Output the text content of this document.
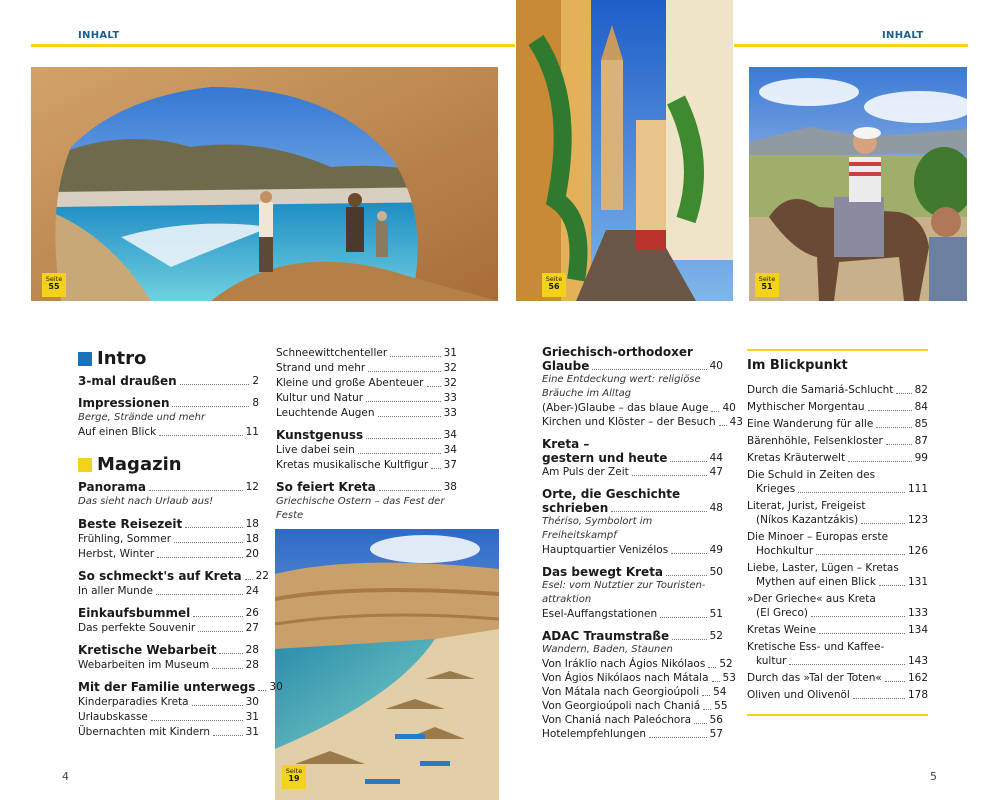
INHALT	INHALT
Seite
55
Seite
56
Seite
51
Seite
19
Intro
3-mal draußen	2
Impressionen	8
Berge, Strände und mehr
Auf einen Blick	11
Magazin
Panorama	12
Das sieht nach Urlaub aus!
Beste Reisezeit	18
Frühling, Sommer	18
Herbst, Winter	20
So schmeckt's auf Kreta 22
In aller Munde	24
Einkaufsbummel	26
Das perfekte Souvenir	27
Kretische Webarbeit	28
Webarbeiten im Museum	28
Mit der Familie unterwegs 30
Kinderparadies Kreta	30
Urlaubskasse	31
Übernachten mit Kindern	31
Schneewittchenteller	31
Strand und mehr	32
Kleine und große Abenteuer 32
Kultur und Natur	33
Leuchtende Augen	33
Kunstgenuss	34
Live dabei sein	34
Kretas musikalische Kultfigur 37
So feiert Kreta	38
Griechische Ostern – das Fest der Feste
Griechisch-orthodoxer
Glaube	40
Eine Entdeckung wert: religiöse
Bräuche im Alltag
(Aber-)Glaube – das blaue Auge 40
Kirchen und Klöster – der Besuch 43
Kreta –
gestern und heute	44
Am Puls der Zeit	47
Orte, die Geschichte
schrieben	48
Thériso, Symbolort im Freiheitskampf
Hauptquartier Venizélos	49
Das bewegt Kreta	50
Esel: vom Nutztier zur Touristen-
attraktion
Esel-Auffangstationen	51
ADAC Traumstraße	52
Wandern, Baden, Staunen
Von Iráklio nach Ágios Nikólaos 52
Von Ágios Nikólaos nach Mátala 53
Von Mátala nach Georgioúpoli 54
Von Georgioúpoli nach Chaniá 55
Von Chaniá nach Paleóchora 56
Hotelempfehlungen	57
Im Blickpunkt
Durch die Samariá-Schlucht 82
Mythischer Morgentau	84
Eine Wanderung für alle	85
Bärenhöhle, Felsenkloster	87
Kretas Kräuterwelt	99
Die Schuld in Zeiten des
Krieges	111
Literat, Jurist, Freigeist
(Níkos Kazantzákis)	123
Die Minoer – Europas erste
Hochkultur	126
Liebe, Laster, Lügen – Kretas
Mythen auf einen Blick	131
»Der Grieche« aus Kreta
(El Greco)	133
Kretas Weine	134
Kretische Ess- und Kaffee-
kultur	143
Durch das »Tal der Toten« 162
Oliven und Olivenöl	178
4	5
